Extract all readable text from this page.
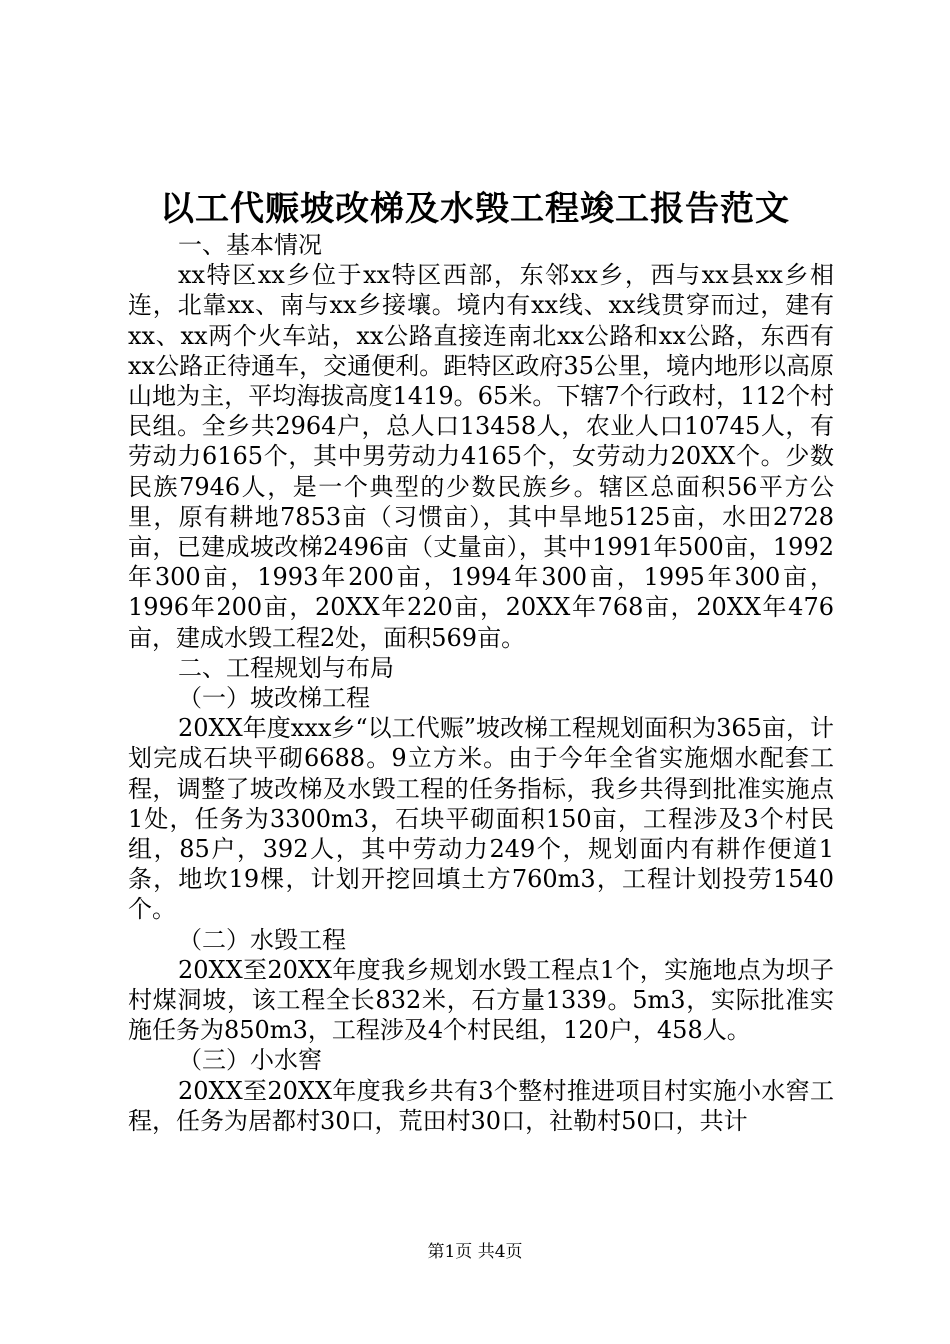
以工代赈坡改梯及水毁工程竣工报告范文

一、基本情况

xx特区xx乡位于xx特区西部，东邻xx乡，西与xx县xx乡相连，北靠xx、南与xx乡接壤。境内有xx线、xx线贯穿而过，建有xx、xx两个火车站，xx公路直接连南北xx公路和xx公路，东西有xx公路正待通车，交通便利。距特区政府35公里，境内地形以高原山地为主，平均海拔高度1419。65米。下辖7个行政村，112个村民组。全乡共2964户，总人口13458人，农业人口10745人，有劳动力6165个，其中男劳动力4165个，女劳动力20XX个。少数民族7946人，是一个典型的少数民族乡。辖区总面积56平方公里，原有耕地7853亩（习惯亩），其中旱地5125亩，水田2728亩，已建成坡改梯2496亩（丈量亩），其中1991年500亩，1992年300亩，1993年200亩，1994年300亩，1995年300亩，1996年200亩，20XX年220亩，20XX年768亩，20XX年476亩，建成水毁工程2处，面积569亩。

二、工程规划与布局

（一）坡改梯工程

20XX年度xxx乡“以工代赈”坡改梯工程规划面积为365亩，计划完成石块平砌6688。9立方米。由于今年全省实施烟水配套工程，调整了坡改梯及水毁工程的任务指标，我乡共得到批准实施点1处，任务为3300m3，石块平砌面积150亩，工程涉及3个村民组，85户，392人，其中劳动力249个，规划面内有耕作便道1条，地坎19棵，计划开挖回填土方760m3，工程计划投劳1540个。

（二）水毁工程

20XX至20XX年度我乡规划水毁工程点1个，实施地点为坝子村煤洞坡，该工程全长832米，石方量1339。5m3，实际批准实施任务为850m3，工程涉及4个村民组，120户，458人。

（三）小水窖

20XX至20XX年度我乡共有3个整村推进项目村实施小水窖工程，任务为居都村30口，荒田村30口，社勒村50口，共计

第1页 共4页
